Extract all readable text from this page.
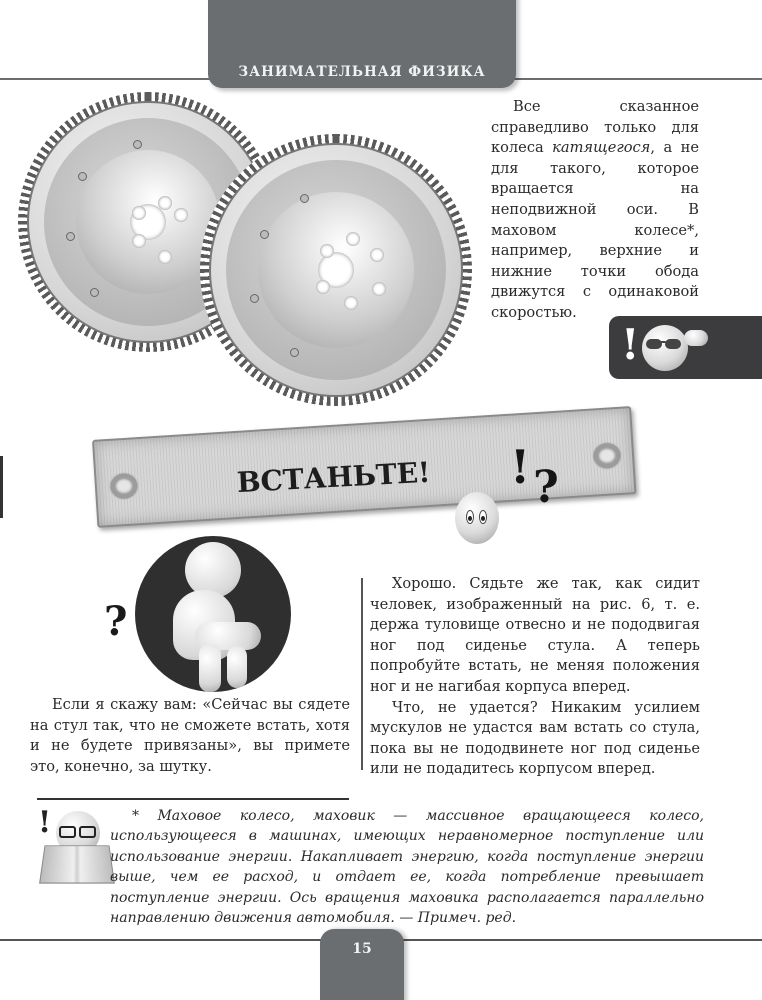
ЗАНИМАТЕЛЬНАЯ ФИЗИКА

Все сказанное справедливо только для колеса катящегося, а не для такого, которое вращается на неподвижной оси. В маховом колесе*, например, верхние и нижние точки обода движутся с одинаковой скоростью.

!
ВСТАНЬТЕ! ! ?
?

Хорошо. Сядьте же так, как сидит человек, изображенный на рис. 6, т. е. держа туловище отвесно и не пододвигая ног под сиденье стула. А теперь попробуйте встать, не меняя положения ног и не нагибая корпуса вперед.

Что, не удается? Никаким усилием мускулов не удастся вам встать со стула, пока вы не пододвинете ног под сиденье или не подадитесь корпусом вперед.

Если я скажу вам: «Сейчас вы сядете на стул так, что не сможете встать, хотя и не будете привязаны», вы примете это, конечно, за шутку.

!	* Маховое колесо, маховик — массивное вращающееся колесо, использующееся в машинах, имеющих неравномерное поступление или использование энергии. Накапливает энергию, когда поступление энергии выше, чем ее расход, и отдает ее, когда потребление превышает поступление энергии. Ось вращения маховика располагается параллельно направлению движения автомобиля. — Примеч. ред.

15
